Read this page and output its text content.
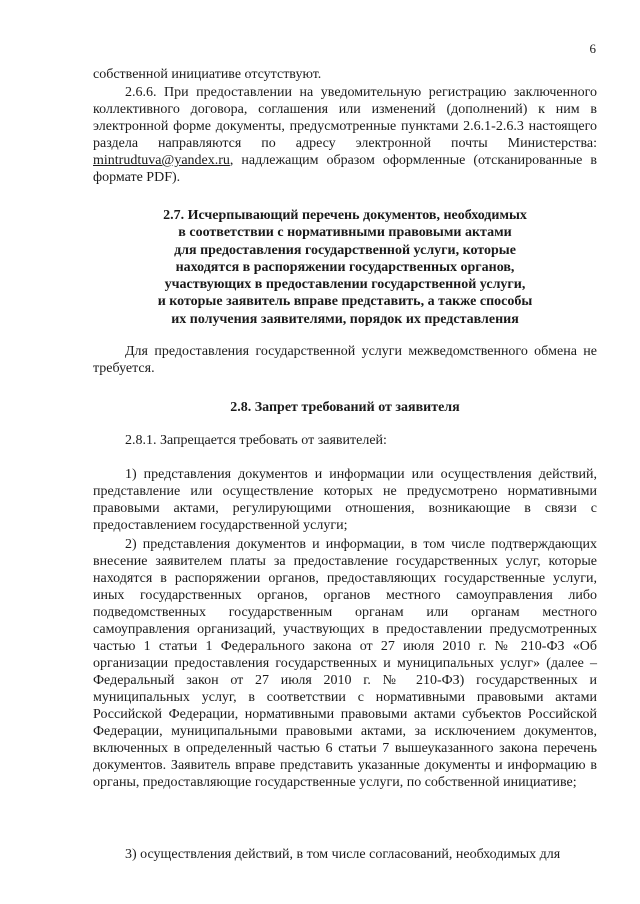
6

собственной инициативе отсутствуют.

2.6.6. При предоставлении на уведомительную регистрацию заключенного коллективного договора, соглашения или изменений (дополнений) к ним в электронной форме документы, предусмотренные пунктами 2.6.1-2.6.3 настоящего раздела направляются по адресу электронной почты Министерства: mintrudtuva@yandex.ru, надлежащим образом оформленные (отсканированные в формате PDF).

2.7. Исчерпывающий перечень документов, необходимых

в соответствии с нормативными правовыми актами

для предоставления государственной услуги, которые

находятся в распоряжении государственных органов,

участвующих в предоставлении государственной услуги,

и которые заявитель вправе представить, а также способы

их получения заявителями, порядок их представления

Для предоставления государственной услуги межведомственного обмена не требуется.

2.8. Запрет требований от заявителя

2.8.1. Запрещается требовать от заявителей:

1) представления документов и информации или осуществления действий, представление или осуществление которых не предусмотрено нормативными правовыми актами, регулирующими отношения, возникающие в связи с предоставлением государственной услуги;

2) представления документов и информации, в том числе подтверждающих внесение заявителем платы за предоставление государственных услуг, которые находятся в распоряжении органов, предоставляющих государственные услуги, иных государственных органов, органов местного самоуправления либо подведомственных государственным органам или органам местного самоуправления организаций, участвующих в предоставлении предусмотренных частью 1 статьи 1 Федерального закона от 27 июля 2010 г. № 210-ФЗ «Об организации предоставления государственных и муниципальных услуг» (далее – Федеральный закон от 27 июля 2010 г. № 210-ФЗ) государственных и муниципальных услуг, в соответствии с нормативными правовыми актами Российской Федерации, нормативными правовыми актами субъектов Российской Федерации, муниципальными правовыми актами, за исключением документов, включенных в определенный частью 6 статьи 7 вышеуказанного закона перечень документов. Заявитель вправе представить указанные документы и информацию в органы, предоставляющие государственные услуги, по собственной инициативе;

3) осуществления действий, в том числе согласований, необходимых для
